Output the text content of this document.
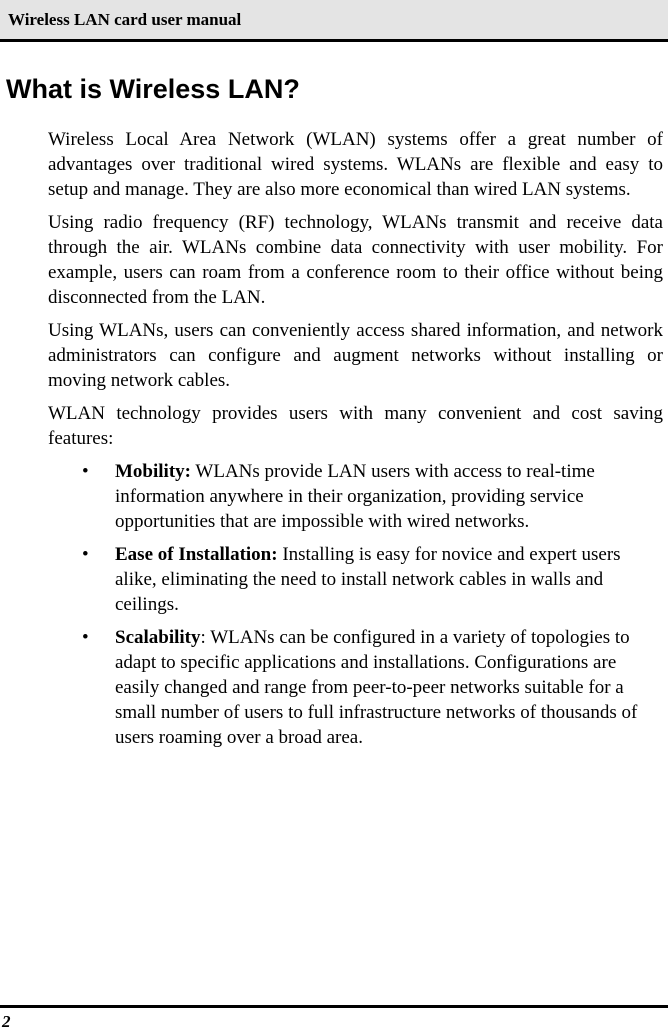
Wireless LAN card user manual
What is Wireless LAN?

Wireless Local Area Network (WLAN) systems offer a great number of advantages over traditional wired systems. WLANs are flexible and easy to setup and manage. They are also more economical than wired LAN systems.

Using radio frequency (RF) technology, WLANs transmit and receive data through the air. WLANs combine data connectivity with user mobility. For example, users can roam from a conference room to their office without being disconnected from the LAN.

Using WLANs, users can conveniently access shared information, and network administrators can configure and augment networks without installing or moving network cables.

WLAN technology provides users with many convenient and cost saving features:

• Mobility: WLANs provide LAN users with access to real-time information anywhere in their organization, providing service opportunities that are impossible with wired networks.
• Ease of Installation: Installing is easy for novice and expert users alike, eliminating the need to install network cables in walls and ceilings.
• Scalability: WLANs can be configured in a variety of topologies to adapt to specific applications and installations. Configurations are easily changed and range from peer-to-peer networks suitable for a small number of users to full infrastructure networks of thousands of users roaming over a broad area.
2
